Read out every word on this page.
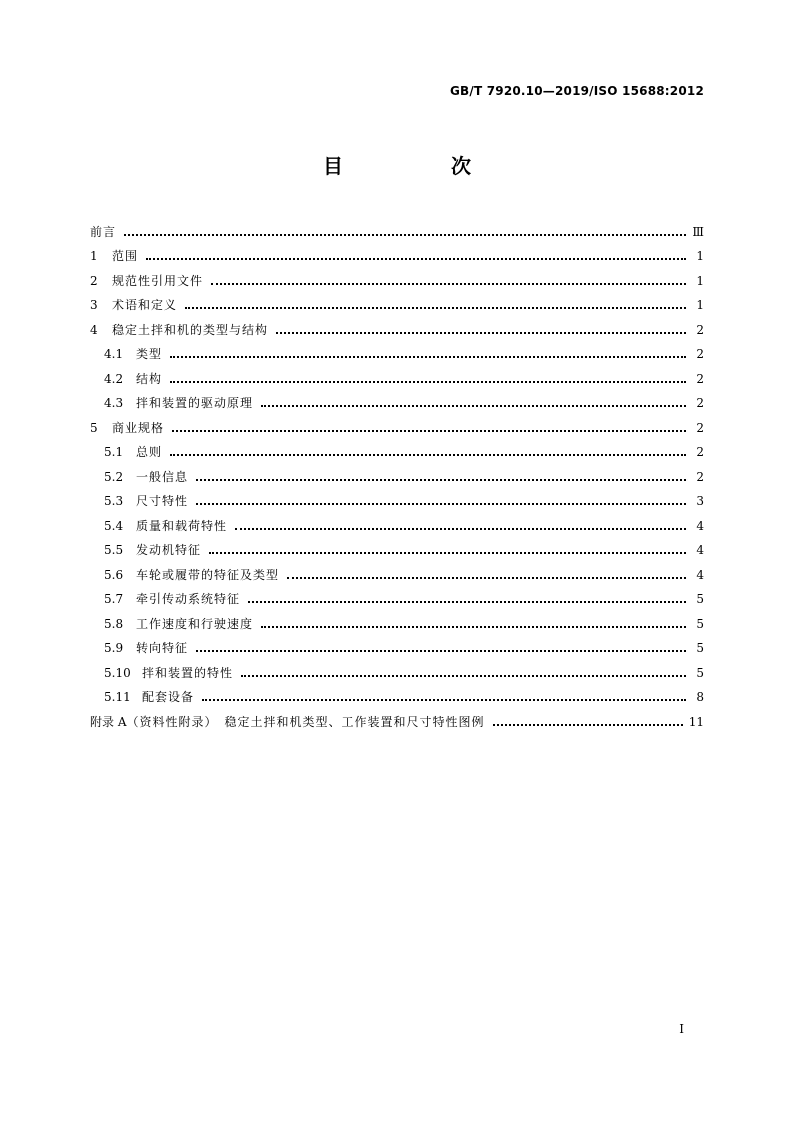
GB/T 7920.10—2019/ISO 15688:2012
目　次
前言	Ⅲ
1	范围	1
2	规范性引用文件	1
3	术语和定义	1
4	稳定土拌和机的类型与结构	2
4.1	类型	2
4.2	结构	2
4.3	拌和装置的驱动原理	2
5	商业规格	2
5.1	总则	2
5.2	一般信息	2
5.3	尺寸特性	3
5.4	质量和载荷特性	4
5.5	发动机特征	4
5.6	车轮或履带的特征及类型	4
5.7	牵引传动系统特征	5
5.8	工作速度和行驶速度	5
5.9	转向特征	5
5.10 拌和装置的特性	5
5.11 配套设备	8
附录 A （资料性附录）　稳定土拌和机类型、工作装置和尺寸特性图例	11
Ⅰ
